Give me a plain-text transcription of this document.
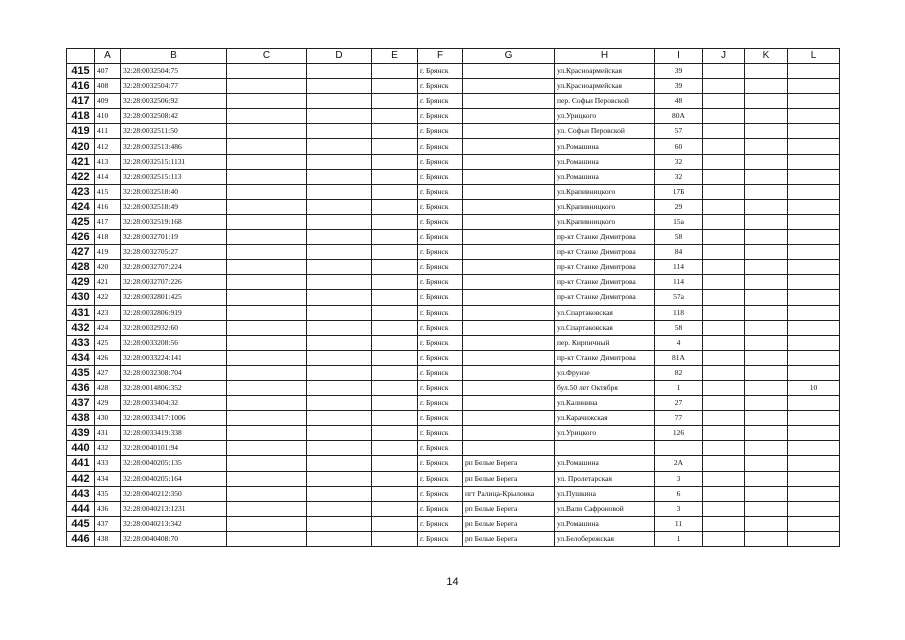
	A	B	C	D	E	F	G	H	I	J	K	L
415	407	32:28:0032504:75				г. Брянск		ул.Красноармейская	39			
416	408	32:28:0032504:77				г. Брянск		ул.Красноармейская	39			
417	409	32:28:0032506:92				г. Брянск		пер. Софьи Перовской	48			
418	410	32:28:0032508:42				г. Брянск		ул.Урицкого	80А			
419	411	32:28:0032511:50				г. Брянск		ул. Софьи Перовской	57			
420	412	32:28:0032513:486				г. Брянск		ул.Ромашина	60			
421	413	32:28:0032515:1131				г. Брянск		ул.Ромашина	32			
422	414	32:28:0032515:113				г. Брянск		ул.Ромашина	32			
423	415	32:28:0032518:40				г. Брянск		ул.Крапивницкого	17Б			
424	416	32:28:0032518:49				г. Брянск		ул.Крапивницкого	29			
425	417	32:28:0032519:168				г. Брянск		ул.Крапивницкого	15а			
426	418	32:28:0032701:19				г. Брянск		пр-кт Станке Димитрова	58			
427	419	32:28:0032705:27				г. Брянск		пр-кт Станке Димитрова	84			
428	420	32:28:0032707:224				г. Брянск		пр-кт Станке Димитрова	114			
429	421	32:28:0032707:226				г. Брянск		пр-кт Станке Димитрова	114			
430	422	32:28:0032801:425				г. Брянск		пр-кт Станке Димитрова	57а			
431	423	32:28:0032806:919				г. Брянск		ул.Спартаковская	118			
432	424	32:28:0032932:60				г. Брянск		ул.Спартаковская	58			
433	425	32:28:0033208:56				г. Брянск		пер. Кирпичный	4			
434	426	32:28:0033224:141				г. Брянск		пр-кт Станке Димитрова	81А			
435	427	32:28:0032308:704				г. Брянск		ул.Фрунзе	82			
436	428	32:28:0014806:352				г. Брянск		бул.50 лет Октября	1			10
437	429	32:28:0033404:32				г. Брянск		ул.Калинина	27			
438	430	32:28:0033417:1006				г. Брянск		ул.Карачижская	77			
439	431	32:28:0033419:338				г. Брянск		ул.Урицкого	126			
440	432	32:28:0040101:94				г. Брянск						
441	433	32:28:0040205:135				г. Брянск	рп Белые Берега	ул.Ромашина	2А			
442	434	32:28:0040205:164				г. Брянск	рп Белые Берега	ул. Пролетарская	3			
443	435	32:28:0040212:350				г. Брянск	пгт Ралица-Крыловка	ул.Пушкина	6			
444	436	32:28:0040213:1231				г. Брянск	рп Белые Берега	ул.Вали Сафроновой	3			
445	437	32:28:0040213:342				г. Брянск	рп Белые Берега	ул.Ромашина	11			
446	438	32:28:0040408:70				г. Брянск	рп Белые Берега	ул.Белобережская	1			
14
